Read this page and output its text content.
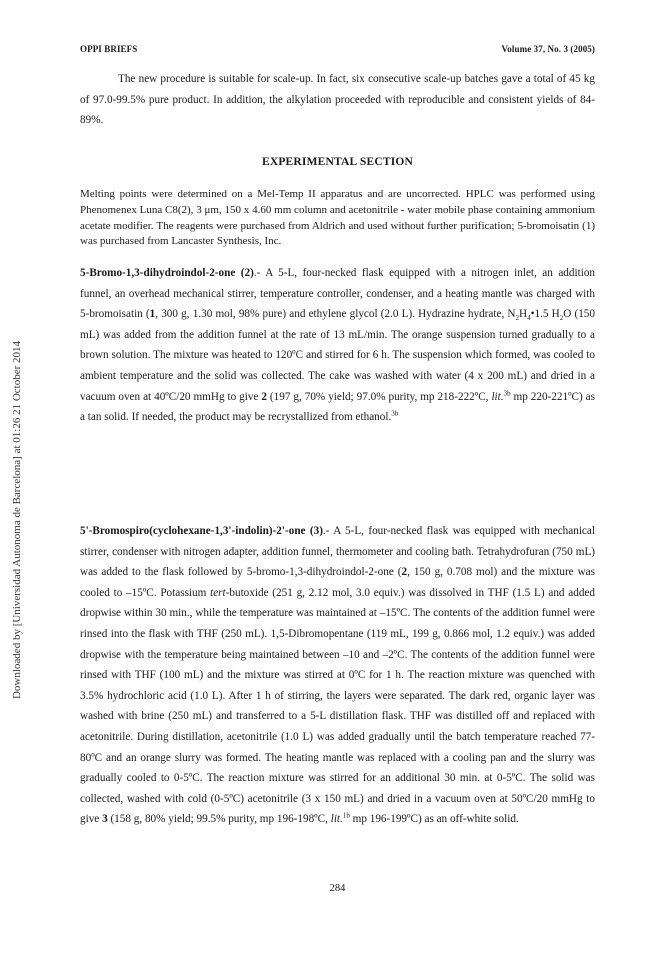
Downloaded by [Universidad Autonoma de Barcelona] at 01:26 21 October 2014
OPPI BRIEFS	Volume 37, No. 3 (2005)
The new procedure is suitable for scale-up. In fact, six consecutive scale-up batches gave a total of 45 kg of 97.0-99.5% pure product. In addition, the alkylation proceeded with reproducible and consistent yields of 84-89%.
EXPERIMENTAL SECTION
Melting points were determined on a Mel-Temp II apparatus and are uncorrected. HPLC was performed using Phenomenex Luna C8(2), 3 μm, 150 x 4.60 mm column and acetonitrile - water mobile phase containing ammonium acetate modifier. The reagents were purchased from Aldrich and used without further purification; 5-bromoisatin (1) was purchased from Lancaster Synthesis, Inc.
5-Bromo-1,3-dihydroindol-2-one (2).- A 5-L, four-necked flask equipped with a nitrogen inlet, an addition funnel, an overhead mechanical stirrer, temperature controller, condenser, and a heating mantle was charged with 5-bromoisatin (1, 300 g, 1.30 mol, 98% pure) and ethylene glycol (2.0 L). Hydrazine hydrate, $N_2H_4•1.5$ $H_2O$ (150 mL) was added from the addition funnel at the rate of 13 mL/min. The orange suspension turned gradually to a brown solution. The mixture was heated to 120ºC and stirred for 6 h. The suspension which formed, was cooled to ambient temperature and the solid was collected. The cake was washed with water (4 x 200 mL) and dried in a vacuum oven at 40ºC/20 mmHg to give 2 (197 g, 70% yield; 97.0% purity, mp 218-222ºC, lit.$^{3b}$ mp 220-221ºC) as a tan solid. If needed, the product may be recrystallized from ethanol.$^{3b}$
5'-Bromospiro(cyclohexane-1,3'-indolin)-2'-one (3).- A 5-L, four-necked flask was equipped with mechanical stirrer, condenser with nitrogen adapter, addition funnel, thermometer and cooling bath. Tetrahydrofuran (750 mL) was added to the flask followed by 5-bromo-1,3-dihydroindol-2-one (2, 150 g, 0.708 mol) and the mixture was cooled to –15ºC. Potassium tert-butoxide (251 g, 2.12 mol, 3.0 equiv.) was dissolved in THF (1.5 L) and added dropwise within 30 min., while the temperature was maintained at –15ºC. The contents of the addition funnel were rinsed into the flask with THF (250 mL). 1,5-Dibromopentane (119 mL, 199 g, 0.866 mol, 1.2 equiv.) was added dropwise with the temperature being maintained between –10 and –2ºC. The contents of the addition funnel were rinsed with THF (100 mL) and the mixture was stirred at 0ºC for 1 h. The reaction mixture was quenched with 3.5% hydrochloric acid (1.0 L). After 1 h of stirring, the layers were separated. The dark red, organic layer was washed with brine (250 mL) and transferred to a 5-L distillation flask. THF was distilled off and replaced with acetonitrile. During distillation, acetonitrile (1.0 L) was added gradually until the batch temperature reached 77-80ºC and an orange slurry was formed. The heating mantle was replaced with a cooling pan and the slurry was gradually cooled to 0-5ºC. The reaction mixture was stirred for an additional 30 min. at 0-5ºC. The solid was collected, washed with cold (0-5ºC) acetonitrile (3 x 150 mL) and dried in a vacuum oven at 50ºC/20 mmHg to give 3 (158 g, 80% yield; 99.5% purity, mp 196-198ºC, lit.$^{1b}$ mp 196-199ºC) as an off-white solid.
284
